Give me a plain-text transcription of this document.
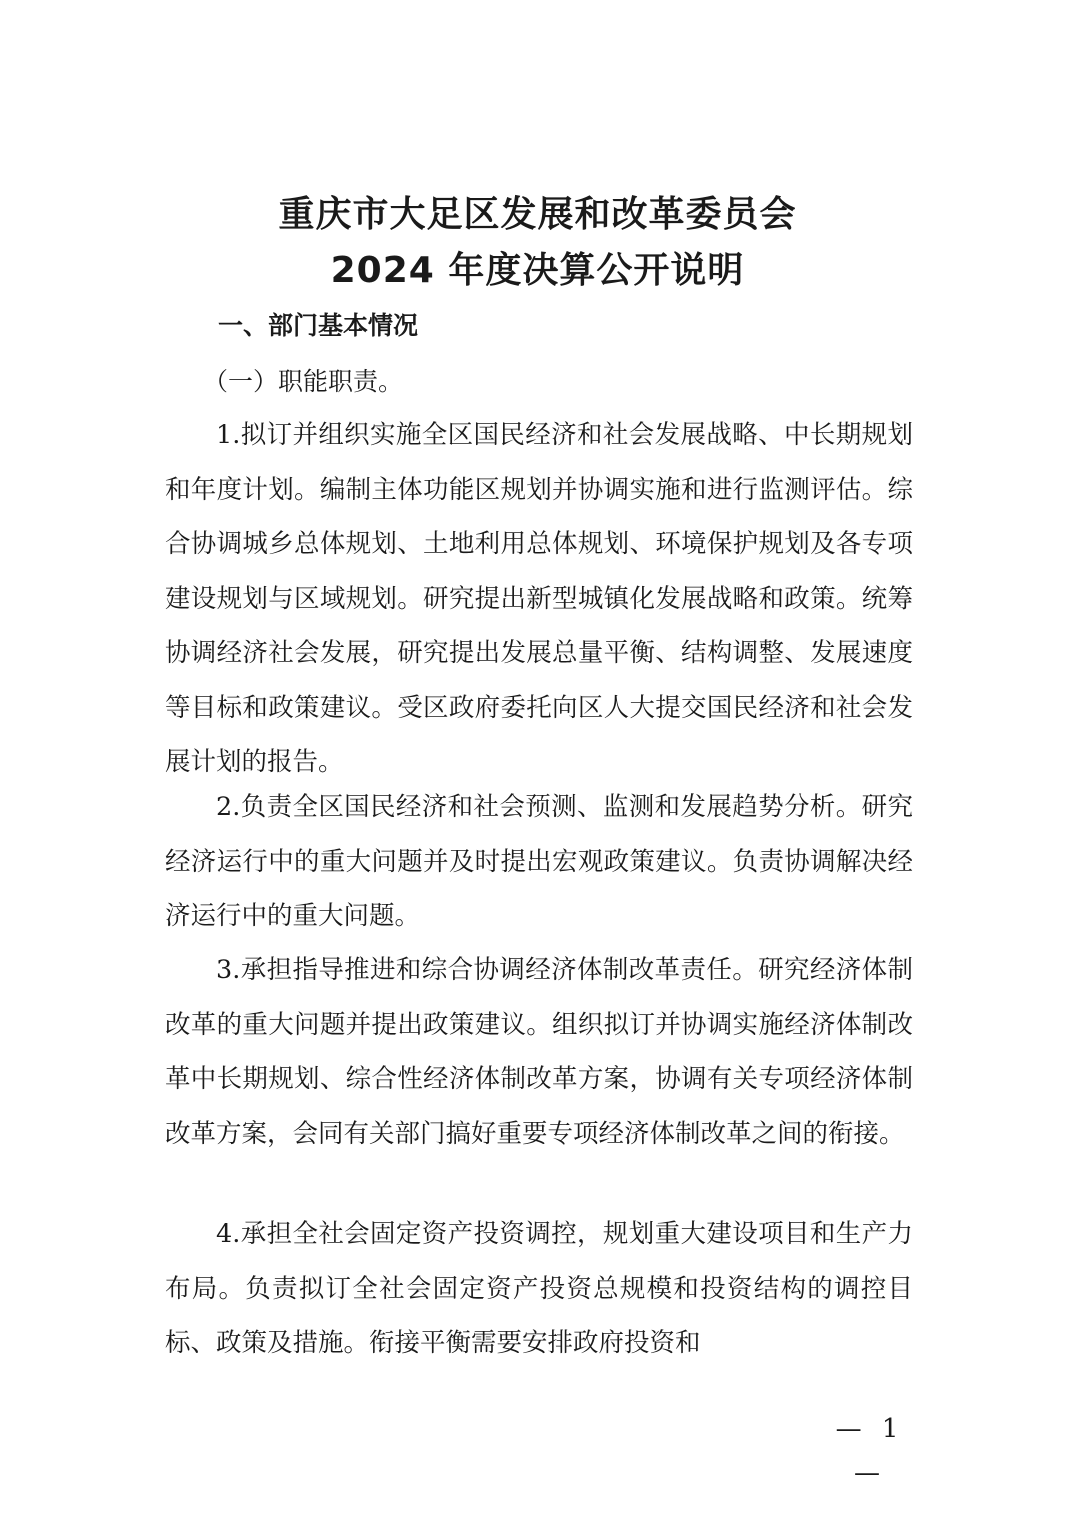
重庆市大足区发展和改革委员会
2024 年度决算公开说明
一、部门基本情况
（一）职能职责。

1.拟订并组织实施全区国民经济和社会发展战略、中长期规划和年度计划。编制主体功能区规划并协调实施和进行监测评估。综合协调城乡总体规划、土地利用总体规划、环境保护规划及各专项建设规划与区域规划。研究提出新型城镇化发展战略和政策。统筹协调经济社会发展，研究提出发展总量平衡、结构调整、发展速度等目标和政策建议。受区政府委托向区人大提交国民经济和社会发展计划的报告。

2.负责全区国民经济和社会预测、监测和发展趋势分析。研究经济运行中的重大问题并及时提出宏观政策建议。负责协调解决经济运行中的重大问题。

3.承担指导推进和综合协调经济体制改革责任。研究经济体制改革的重大问题并提出政策建议。组织拟订并协调实施经济体制改革中长期规划、综合性经济体制改革方案，协调有关专项经济体制改革方案，会同有关部门搞好重要专项经济体制改革之间的衔接。

4.承担全社会固定资产投资调控，规划重大建设项目和生产力布局。负责拟订全社会固定资产投资总规模和投资结构的调控目标、政策及措施。衔接平衡需要安排政府投资和

— 1 —
